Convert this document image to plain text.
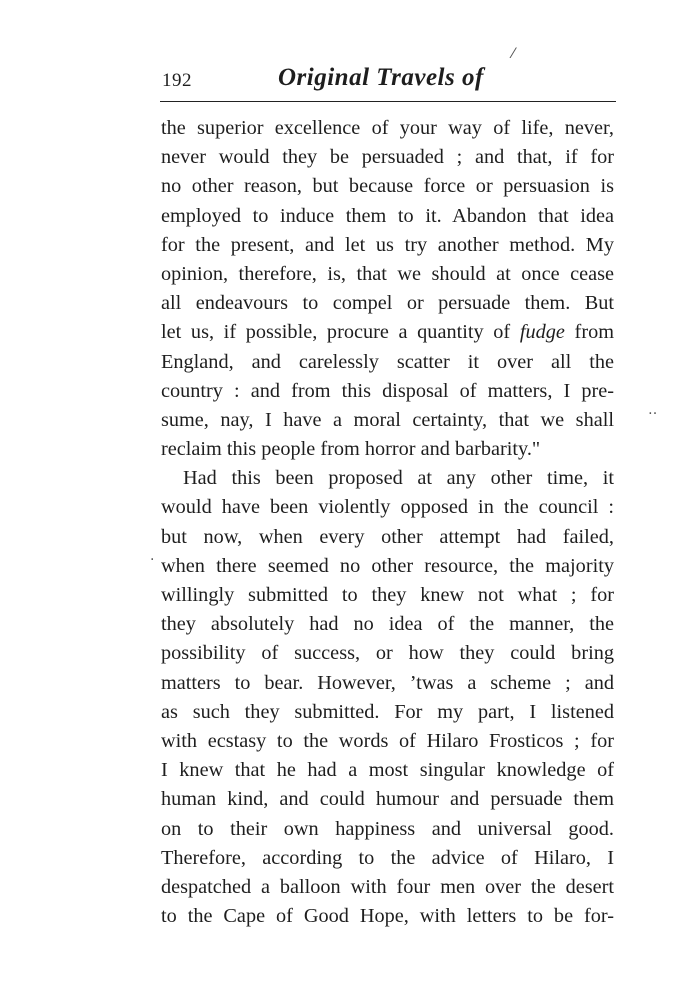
192	Original Travels of
⁄
‥
·
the superior excellence of your way of life, never,
never would they be persuaded ; and that, if for
no other reason, but because force or persuasion is
employed to induce them to it. Abandon that idea
for the present, and let us try another method. My
opinion, therefore, is, that we should at once cease
all endeavours to compel or persuade them. But
let us, if possible, procure a quantity of fudge from
England, and carelessly scatter it over all the
country : and from this disposal of matters, I pre-
sume, nay, I have a moral certainty, that we shall
reclaim this people from horror and barbarity."
Had this been proposed at any other time, it
would have been violently opposed in the council :
but now, when every other attempt had failed,
when there seemed no other resource, the majority
willingly submitted to they knew not what ; for
they absolutely had no idea of the manner, the
possibility of success, or how they could bring
matters to bear. However, ’twas a scheme ; and
as such they submitted. For my part, I listened
with ecstasy to the words of Hilaro Frosticos ; for
I knew that he had a most singular knowledge of
human kind, and could humour and persuade them
on to their own happiness and universal good.
Therefore, according to the advice of Hilaro, I
despatched a balloon with four men over the desert
to the Cape of Good Hope, with letters to be for-
